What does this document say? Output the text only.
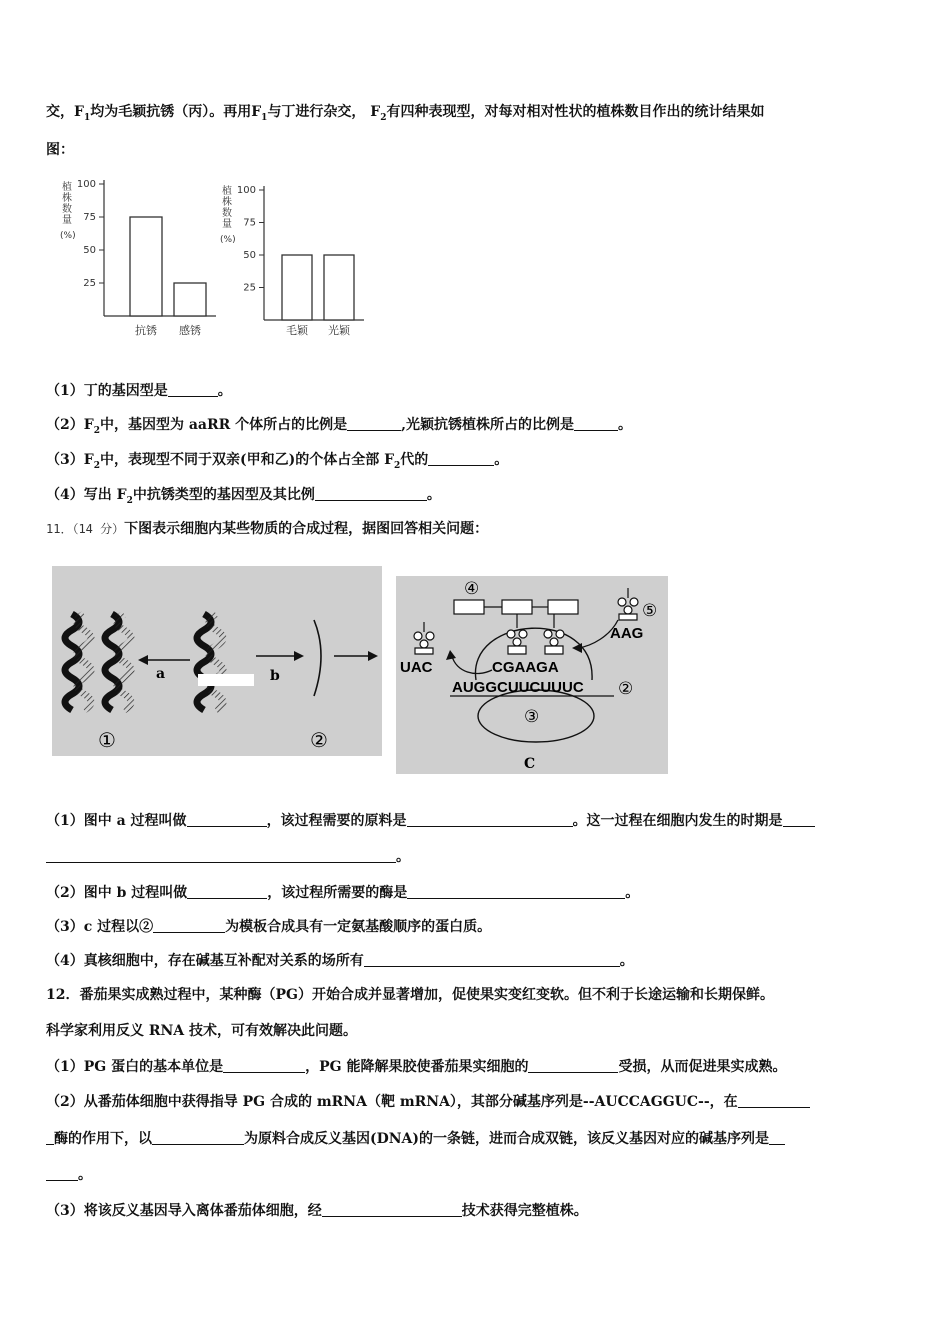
交，$F_1$均为毛颖抗锈（丙）。再用$F_1$与丁进行杂交， $F_2$有四种表现型，对每对相对性状的植株数目作出的统计结果如
图：
植
株
数
量
(%)
25
50
75
100
抗锈 感锈
植
株
数
量
(%)
25
50
75
100
毛颖 光颖
（1）丁的基因型是	。
$(2)F_2$中，基因型为 aaRR 个体所占的比例是	,光颖抗锈植株所占的比例是	。
$(3)F_2$中，表现型不同于双亲(甲和乙)的个体占全部 $F_2$代的	。
（4）写出 $F_2$中抗锈类型的基因型及其比例	。
11．（14 分）下图表示细胞内某些物质的合成过程，据图回答相关问题：
a	b
①	②
④
⑤
UAC
AAG
CGAAGA
AUGGCUUCUUUC ②
③
C
（1）图中 a 过程叫做	，该过程需要的原料是	。这一过程在细胞内发生的时期是
。
（2）图中 b 过程叫做	，该过程所需要的酶是	。
（3）c 过程以②	为模板合成具有一定氨基酸顺序的蛋白质。
（4）真核细胞中，存在碱基互补配对关系的场所有	。
12．番茄果实成熟过程中，某种酶（PG）开始合成并显著增加，促使果实变红变软。但不利于长途运输和长期保鲜。
科学家利用反义 RNA 技术，可有效解决此问题。
（1）PG 蛋白的基本单位是	，PG 能降解果胶使番茄果实细胞的	受损，从而促进果实成熟。
（2）从番茄体细胞中获得指导 PG 合成的 mRNA（靶 mRNA），其部分碱基序列是--AUCCAGGUC--，在
酶的作用下，以	为原料合成反义基因(DNA)的一条链，进而合成双链，该反义基因对应的碱基序列是
。
（3）将该反义基因导入离体番茄体细胞，经	技术获得完整植株。
